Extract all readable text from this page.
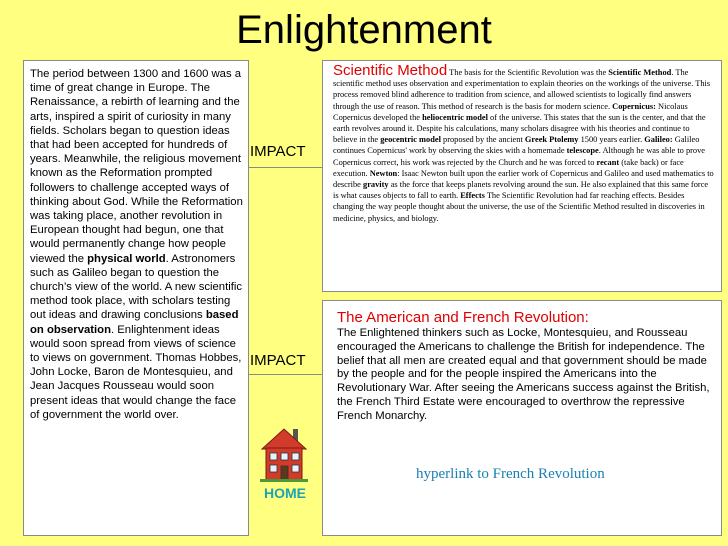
Enlightenment
The period between 1300 and 1600 was a time of great change in Europe. The Renaissance, a rebirth of learning and the arts, inspired a spirit of curiosity in many fields. Scholars began to question ideas that had been accepted for hundreds of years. Meanwhile, the religious movement known as the Reformation prompted followers to challenge accepted ways of thinking about God. While the Reformation was taking place, another revolution in European thought had begun, one that would permanently change how people viewed the physical world. Astronomers such as Galileo began to question the church’s view of the world. A new scientific method took place, with scholars testing out ideas and drawing conclusions based on observation. Enlightenment ideas would soon spread from views of science to views on government. Thomas Hobbes, John Locke, Baron de Montesquieu, and Jean Jacques Rousseau would soon present ideas that would change the face of government the world over.
IMPACT
IMPACT
Scientific Method The basis for the Scientific Revolution was the Scientific Method. The scientific method uses observation and experimentation to explain theories on the workings of the universe. This process removed blind adherence to tradition from science, and allowed scientists to logically find answers through the use of reason. This method of research is the basis for modern science. Copernicus: Nicolaus Copernicus developed the heliocentric model of the universe. This states that the sun is the center, and that the earth revolves around it. Despite his calculations, many scholars disagree with his theories and continue to believe in the geocentric model proposed by the ancient Greek Ptolemy 1500 years earlier. Galileo: Galileo continues Copernicus' work by observing the skies with a homemade telescope. Although he was able to prove Copernicus correct, his work was rejected by the Church and he was forced to recant (take back) or face execution. Newton: Isaac Newton built upon the earlier work of Copernicus and Galileo and used mathematics to describe gravity as the force that keeps planets revolving around the sun. He also explained that this same force is what causes objects to fall to earth. Effects The Scientific Revolution had far reaching effects. Besides changing the way people thought about the universe, the use of the Scientific Method resulted in discoveries in medicine, physics, and biology.
The American and French Revolution:
The Enlightened thinkers such as Locke, Montesquieu, and Rousseau encouraged the Americans to challenge the British for independence. The belief that all men are created equal and that government should be made by the people and for the people inspired the Americans into the Revolutionary War. After seeing the Americans success against the British, the French Third Estate were encouraged to overthrow the repressive French Monarchy.
hyperlink to French Revolution
HOME
